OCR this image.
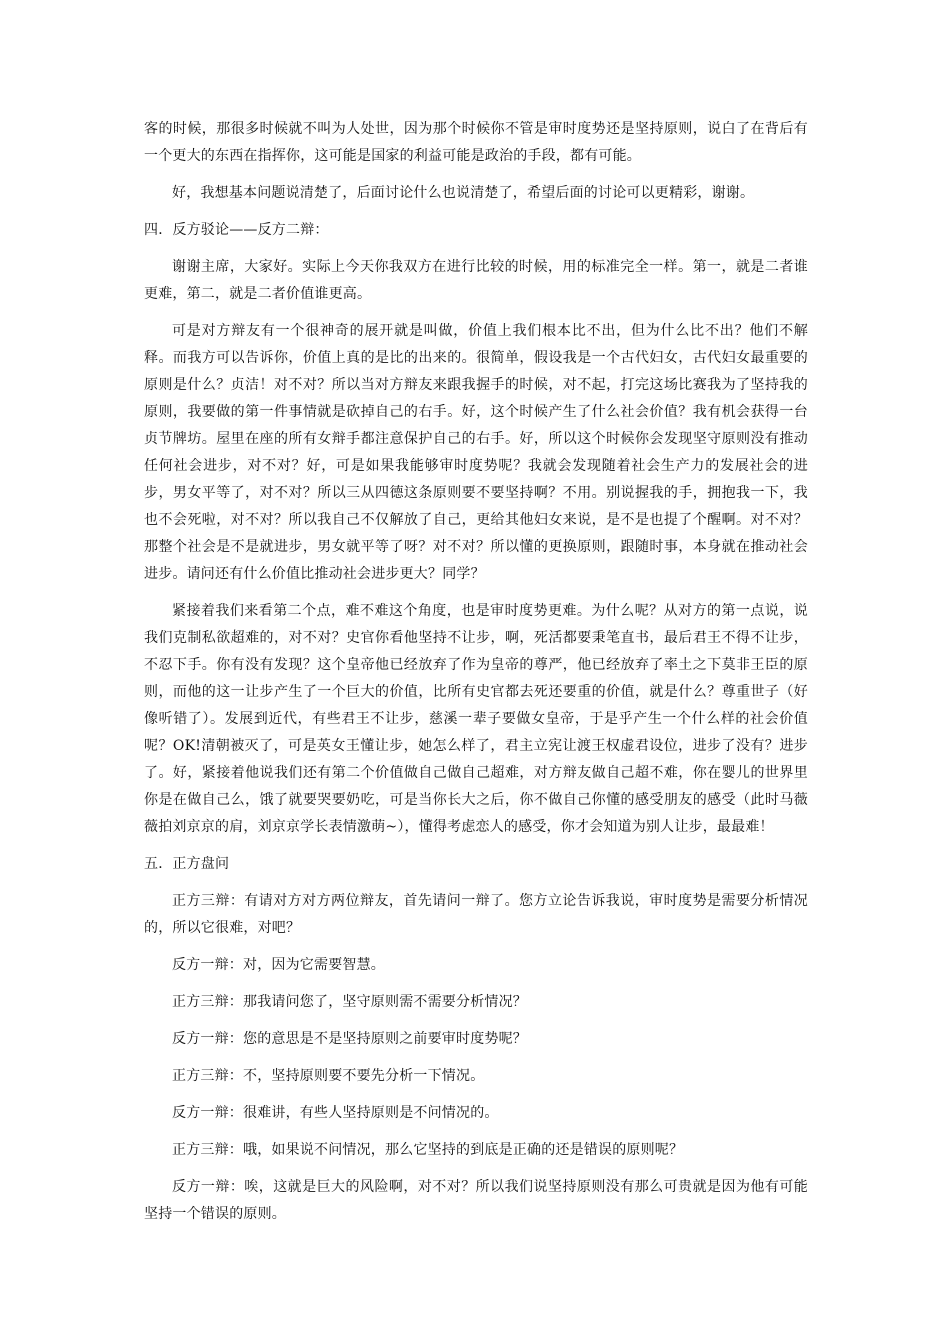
客的时候，那很多时候就不叫为人处世，因为那个时候你不管是审时度势还是坚持原则，说白了在背后有一个更大的东西在指挥你，这可能是国家的利益可能是政治的手段，都有可能。

好，我想基本问题说清楚了，后面讨论什么也说清楚了，希望后面的讨论可以更精彩，谢谢。

四．反方驳论——反方二辩：

谢谢主席，大家好。实际上今天你我双方在进行比较的时候，用的标准完全一样。第一，就是二者谁更难，第二，就是二者价值谁更高。

可是对方辩友有一个很神奇的展开就是叫做，价值上我们根本比不出，但为什么比不出？他们不解释。而我方可以告诉你，价值上真的是比的出来的。很简单，假设我是一个古代妇女，古代妇女最重要的原则是什么？贞洁！对不对？所以当对方辩友来跟我握手的时候，对不起，打完这场比赛我为了坚持我的原则，我要做的第一件事情就是砍掉自己的右手。好，这个时候产生了什么社会价值？我有机会获得一台贞节牌坊。屋里在座的所有女辩手都注意保护自己的右手。好，所以这个时候你会发现坚守原则没有推动任何社会进步，对不对？好，可是如果我能够审时度势呢？我就会发现随着社会生产力的发展社会的进步，男女平等了，对不对？所以三从四德这条原则要不要坚持啊？不用。别说握我的手，拥抱我一下，我也不会死啦，对不对？所以我自己不仅解放了自己，更给其他妇女来说，是不是也提了个醒啊。对不对？那整个社会是不是就进步，男女就平等了呀？对不对？所以懂的更换原则，跟随时事，本身就在推动社会进步。请问还有什么价值比推动社会进步更大？同学？

紧接着我们来看第二个点，难不难这个角度，也是审时度势更难。为什么呢？从对方的第一点说，说我们克制私欲超难的，对不对？史官你看他坚持不让步，啊，死活都要秉笔直书，最后君王不得不让步，不忍下手。你有没有发现？这个皇帝他已经放弃了作为皇帝的尊严，他已经放弃了率土之下莫非王臣的原则，而他的这一让步产生了一个巨大的价值，比所有史官都去死还要重的价值，就是什么？尊重世子（好像听错了）。发展到近代，有些君王不让步，慈溪一辈子要做女皇帝，于是乎产生一个什么样的社会价值呢？OK!清朝被灭了，可是英女王懂让步，她怎么样了，君主立宪让渡王权虚君设位，进步了没有？进步了。好，紧接着他说我们还有第二个价值做自己做自己超难，对方辩友做自己超不难，你在婴儿的世界里你是在做自己么，饿了就要哭要奶吃，可是当你长大之后，你不做自己你懂的感受朋友的感受（此时马薇薇拍刘京京的肩，刘京京学长表情激萌~），懂得考虑恋人的感受，你才会知道为别人让步，最最难！

五．正方盘问

正方三辩：有请对方对方两位辩友，首先请问一辩了。您方立论告诉我说，审时度势是需要分析情况的，所以它很难，对吧？

反方一辩：对，因为它需要智慧。

正方三辩：那我请问您了，坚守原则需不需要分析情况？

反方一辩：您的意思是不是坚持原则之前要审时度势呢？

正方三辩：不，坚持原则要不要先分析一下情况。

反方一辩：很难讲，有些人坚持原则是不问情况的。

正方三辩：哦，如果说不问情况，那么它坚持的到底是正确的还是错误的原则呢？

反方一辩：唉，这就是巨大的风险啊，对不对？所以我们说坚持原则没有那么可贵就是因为他有可能坚持一个错误的原则。
